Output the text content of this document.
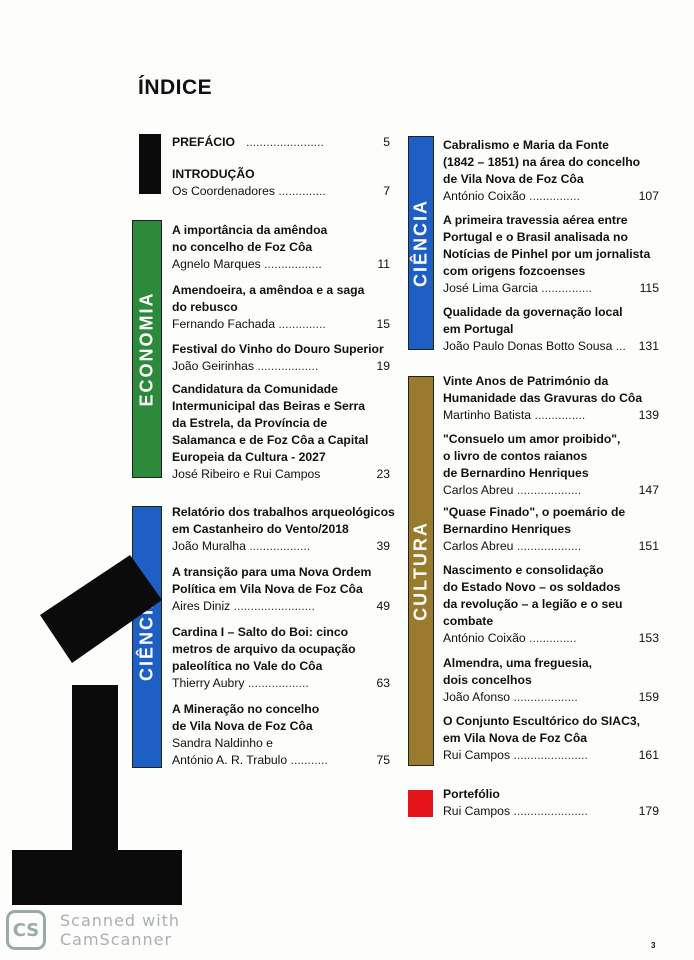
ÍNDICE
ECONOMIA
CIÊNCIA
CIÊNCIA
CULTURA
PREFÁCIO .......................	5
INTRODUÇÃO
Os Coordenadores ..............	7
A importância da amêndoa
no concelho de Foz Côa
Agnelo Marques .................	11
Amendoeira, a amêndoa e a saga
do rebusco
Fernando Fachada ..............	15
Festival do Vinho do Douro Superior
João Geirinhas ..................	19
Candidatura da Comunidade
Intermunicipal das Beiras e Serra
da Estrela, da Província de
Salamanca e de Foz Côa a Capital
Europeia da Cultura - 2027
José Ribeiro e Rui Campos	23
Relatório dos trabalhos arqueológicos
em Castanheiro do Vento/2018
João Muralha ..................	39
A transição para uma Nova Ordem
Política em Vila Nova de Foz Côa
Aires Diniz ........................	49
Cardina I – Salto do Boi: cinco
metros de arquivo da ocupação
paleolítica no Vale do Côa
Thierry Aubry ..................	63
A Mineração no concelho
de Vila Nova de Foz Côa
Sandra Naldinho e
António A. R. Trabulo ...........	75
Cabralismo e Maria da Fonte
(1842 – 1851) na área do concelho
de Vila Nova de Foz Côa
António Coixão ...............	107
A primeira travessia aérea entre
Portugal e o Brasil analisada no
Notícias de Pinhel por um jornalista
com origens fozcoenses
José Lima Garcia ...............	115
Qualidade da governação local
em Portugal
João Paulo Donas Botto Sousa ... 131
Vinte Anos de Património da
Humanidade das Gravuras do Côa
Martinho Batista ...............	139
"Consuelo um amor proibido",
o livro de contos raianos
de Bernardino Henriques
Carlos Abreu ...................	147
"Quase Finado", o poemário de
Bernardino Henriques
Carlos Abreu ...................	151
Nascimento e consolidação
do Estado Novo – os soldados
da revolução – a legião e o seu
combate
António Coixão ..............	153
Almendra, uma freguesia,
dois concelhos
João Afonso ...................	159
O Conjunto Escultórico do SIAC3,
em Vila Nova de Foz Côa
Rui Campos ......................	161
Portefólio
Rui Campos ......................	179
CS	Scanned with
CamScanner	3
